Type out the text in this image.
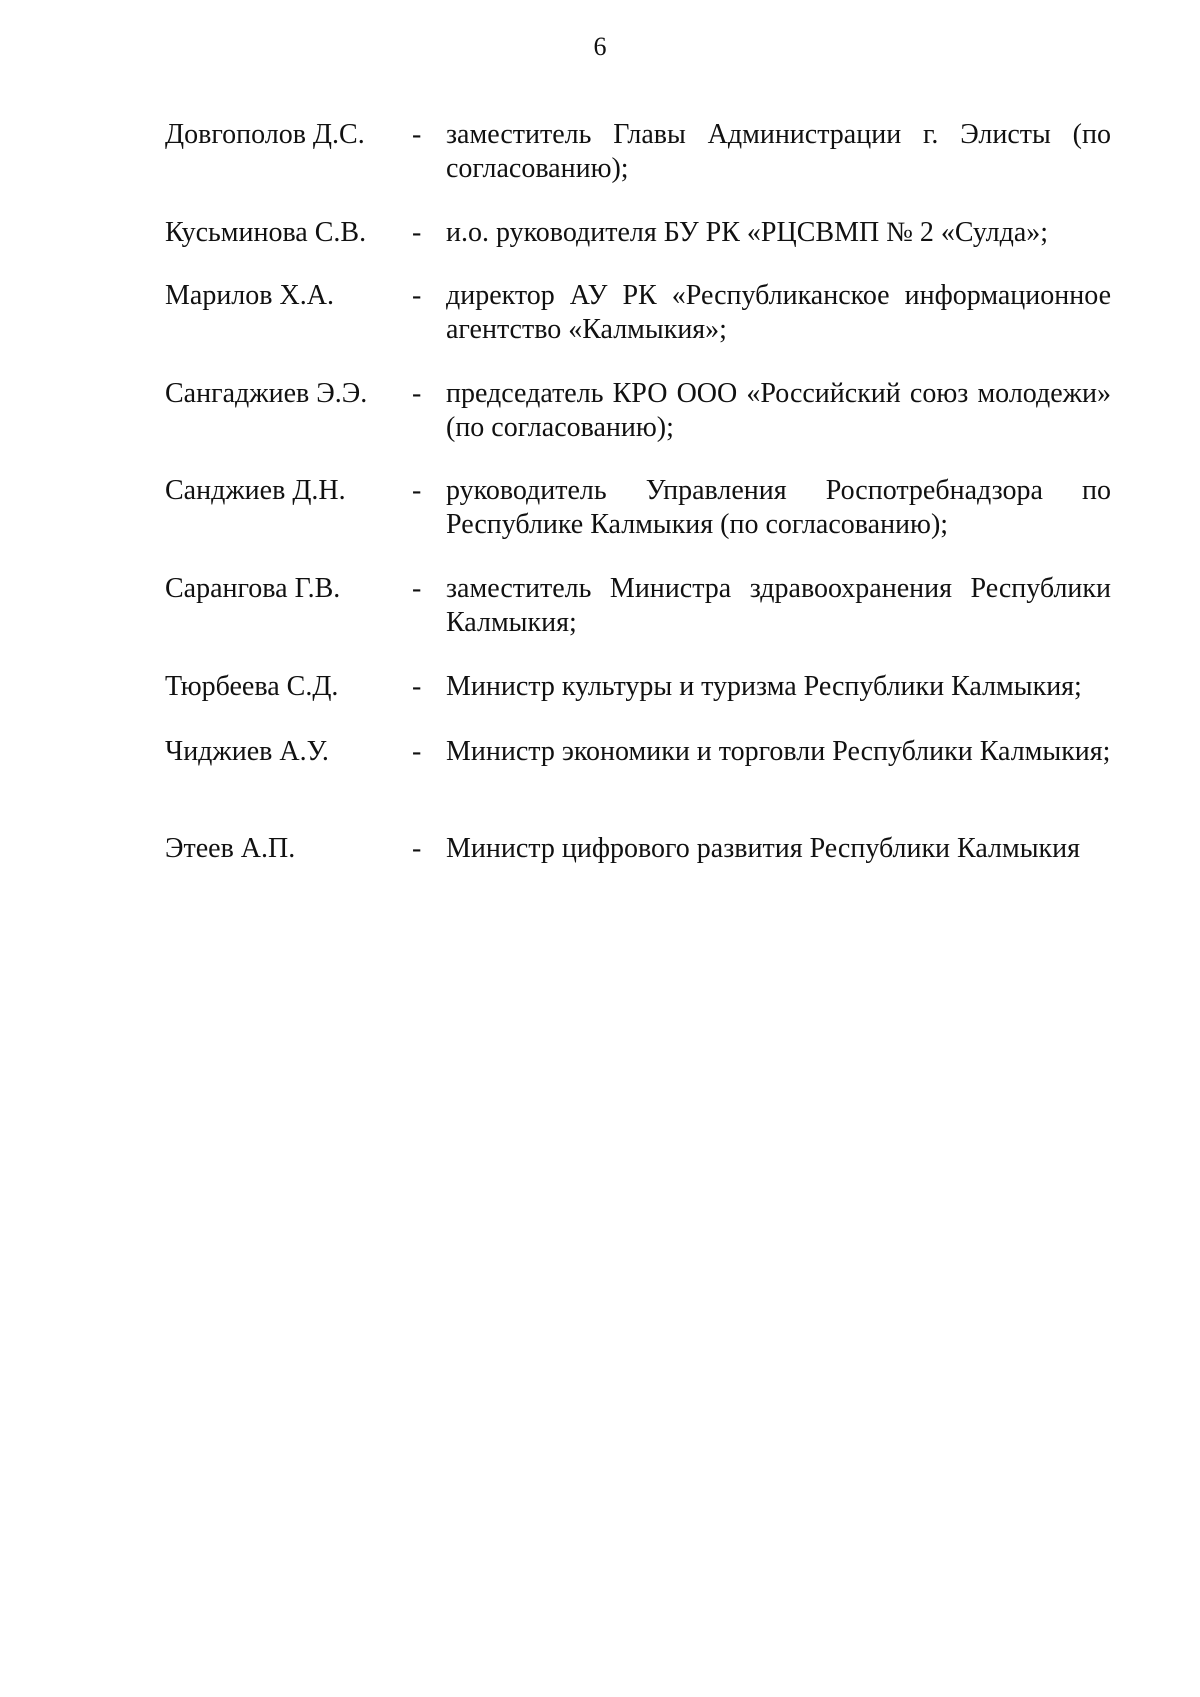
6
Довгополов Д.С. - заместитель Главы Администрации г. Элисты (по согласованию);
Кусьминова С.В. - и.о. руководителя БУ РК «РЦСВМП № 2 «Сулда»;
Марилов Х.А.	- директор АУ РК «Республиканское информационное агентство «Калмыкия»;
Сангаджиев Э.Э. - председатель КРО ООО «Российский союз молодежи» (по согласованию);
Санджиев Д.Н. - руководитель Управления Роспотребнадзора по Республике Калмыкия (по согласованию);
Сарангова Г.В.	- заместитель Министра здравоохранения Республики Калмыкия;
Тюрбеева С.Д.	- Министр культуры и туризма Республики Калмыкия;
Чиджиев А.У.	- Министр экономики и торговли Республики Калмыкия;
Этеев А.П.	- Министр цифрового развития Республики Калмыкия
